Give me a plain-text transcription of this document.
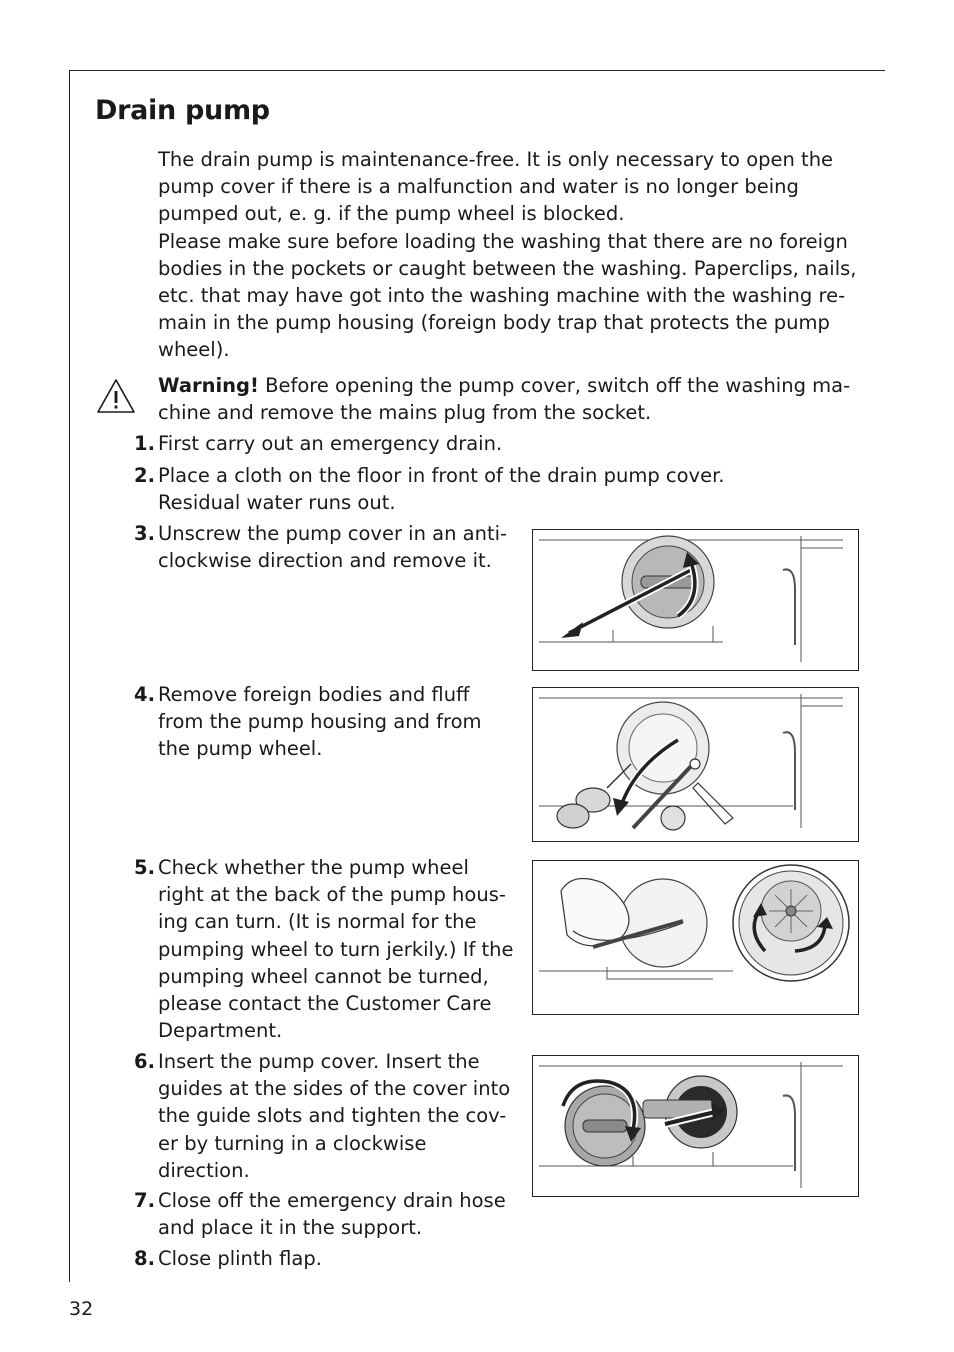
Drain pump

The drain pump is maintenance-free. It is only necessary to open the pump cover if there is a malfunction and water is no longer being pumped out, e. g. if the pump wheel is blocked.

Please make sure before loading the washing that there are no foreign bodies in the pockets or caught between the washing. Paperclips, nails, etc. that may have got into the washing machine with the washing re-main in the pump housing (foreign body trap that protects the pump wheel).

Warning! Before opening the pump cover, switch off the washing ma-chine and remove the mains plug from the socket.

1. First carry out an emergency drain.
2. Place a cloth on the floor in front of the drain pump cover. Residual water runs out.
3. Unscrew the pump cover in an anti-clockwise direction and remove it.
4. Remove foreign bodies and fluff from the pump housing and from the pump wheel.
5. Check whether the pump wheel right at the back of the pump hous-ing can turn. (It is normal for the pumping wheel to turn jerkily.) If the pumping wheel cannot be turned, please contact the Customer Care Department.
6. Insert the pump cover. Insert the guides at the sides of the cover into the guide slots and tighten the cov-er by turning in a clockwise direction.
7. Close off the emergency drain hose and place it in the support.
8. Close plinth flap.
32
